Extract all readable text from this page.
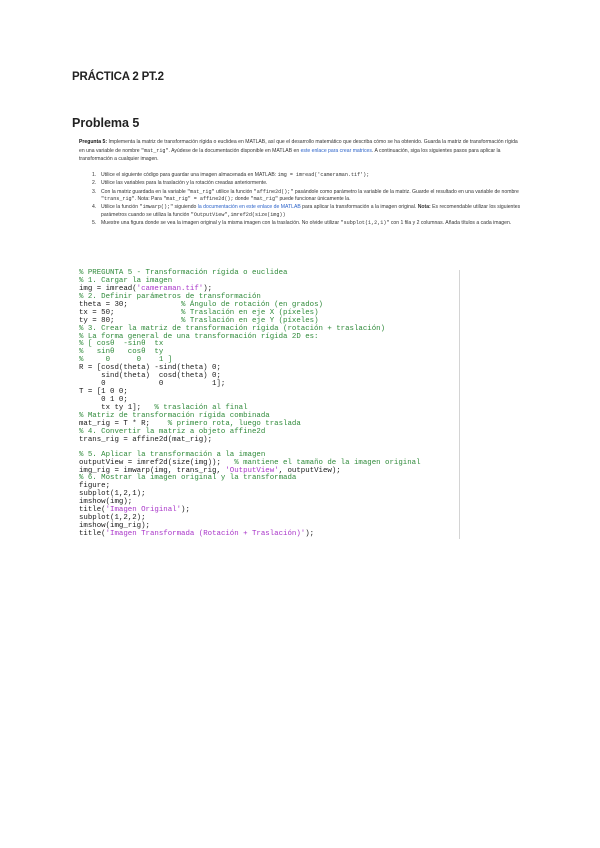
PRÁCTICA 2 PT.2
Problema 5
Pregunta 5: Implementa la matriz de transformación rígida o euclidea en MATLAB, así que el desarrollo matemático que describa cómo se ha obtenido. Guarda la matriz de transformación rígida en una variable de nombre "mat_rig". Ayúdese de la documentación disponible en MATLAB en este enlace para crear matrices. A continuación, siga los siguientes pasos para aplicar la transformación a cualquier imagen.
1. Utilice el siguiente código para guardar una imagen almacenada en MATLAB: img = imread('cameraman.tif');
2. Utilice las variables para la traslación y la rotación creadas anteriormente.
3. Con la matriz guardada en la variable "mat_rig" utilice la función "affine2d();" pasándole como parámetro la variable de la matriz. Guarde el resultado en una variable de nombre "trans_rig". Nota: Para "mat_rig" = affine2d(); donde "mat_rig" puede funcionar únicamente la.
4. Utilice la función "imwarp();" siguiendo la documentación en este enlace de MATLAB para aplicar la transformación a la imagen original. Nota: Es recomendable utilizar los siguientes parámetros cuando se utiliza la función "OutputView",imref2d(size(img))
5. Muestre una figura donde se vea la imagen original y la misma imagen con la traslación. No olvide utilizar "subplot(1,2,1)" con 1 fila y 2 columnas. Añada títulos a cada imagen.
% PREGUNTA 5 - Transformación rígida o euclidea
% 1. Cargar la imagen
img = imread('cameraman.tif');
% 2. Definir parámetros de transformación
theta = 30;            % Ángulo de rotación (en grados)
tx = 50;               % Traslación en eje X (píxeles)
ty = 80;               % Traslación en eje Y (píxeles)
% 3. Crear la matriz de transformación rígida (rotación + traslación)
% La forma general de una transformación rígida 2D es:
% [ cosθ  -sinθ  tx
%   sinθ   cosθ  ty
%     0      0    1 ]
R = [cosd(theta) -sind(theta) 0;
sind(theta)  cosd(theta) 0;
0            0           1];
T = [1 0 0;
0 1 0;
tx ty 1];   % traslación al final
% Matriz de transformación rígida combinada
mat_rig = T * R;    % primero rota, luego traslada
% 4. Convertir la matriz a objeto affine2d
trans_rig = affine2d(mat_rig);
% 5. Aplicar la transformación a la imagen
outputView = imref2d(size(img));   % mantiene el tamaño de la imagen original
img_rig = imwarp(img, trans_rig, 'OutputView', outputView);
% 6. Mostrar la imagen original y la transformada
figure;
subplot(1,2,1);
imshow(img);
title('Imagen Original');
subplot(1,2,2);
imshow(img_rig);
title('Imagen Transformada (Rotación + Traslación)');
